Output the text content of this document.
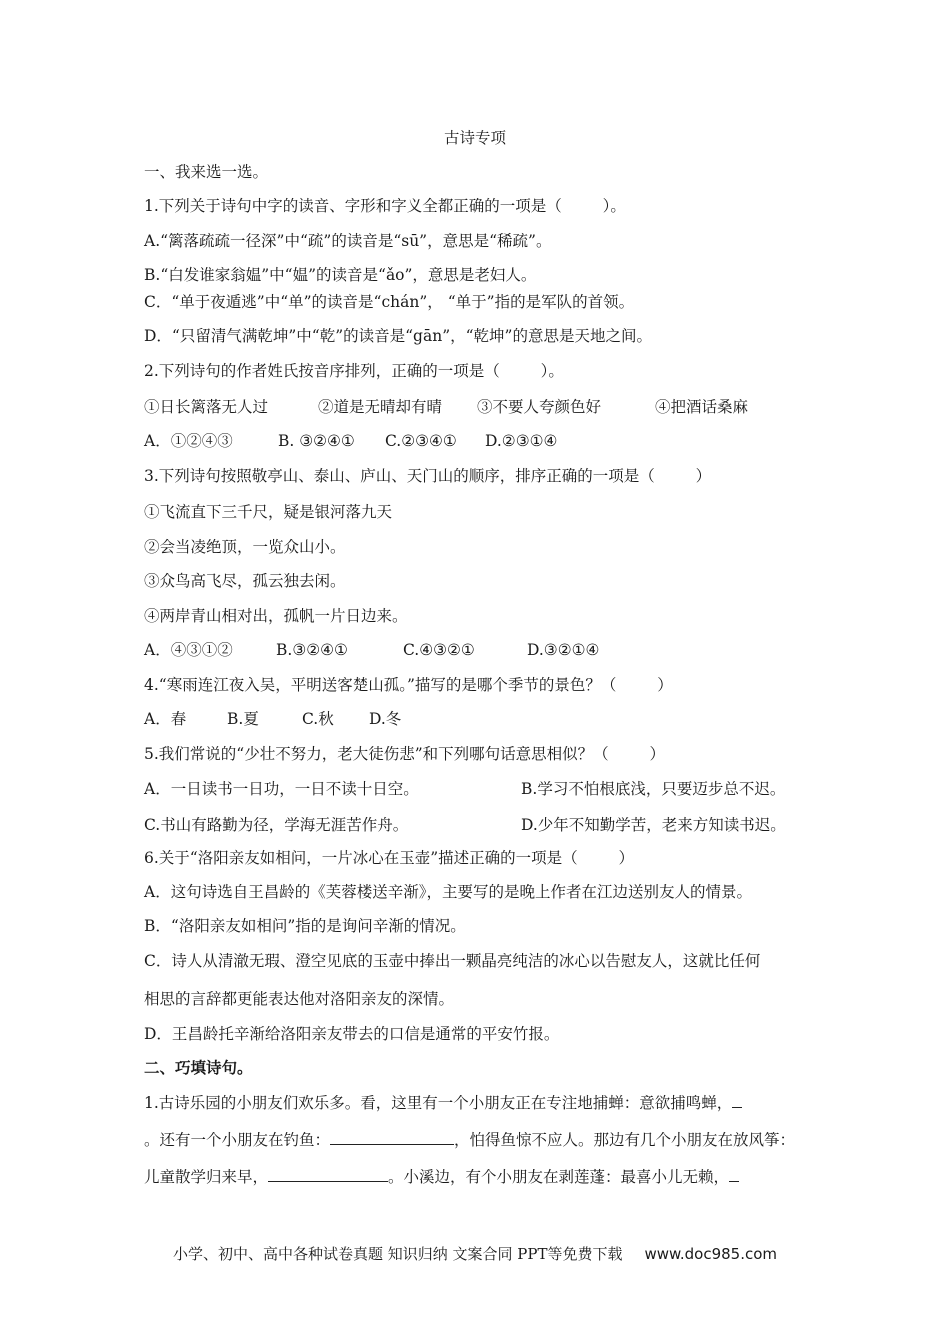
古诗专项
一、我来选一选。
1.下列关于诗句中字的读音、字形和字义全都正确的一项是（ 　　 ）。
A.“篱落疏疏一径深”中“疏”的读音是“sū”，意思是“稀疏”。
B.“白发谁家翁媪”中“媪”的读音是“ǎo”，意思是老妇人。
C．“单于夜遁逃”中“单”的读音是“chán”， “单于”指的是军队的首领。
D．“只留清气满乾坤”中“乾”的读音是“gān”，“乾坤”的意思是天地之间。
2.下列诗句的作者姓氏按音序排列，正确的一项是（ 　　 ）。
①日长篱落无人过	②道是无晴却有晴 ③不要人夸颜色好	④把酒话桑麻
A．①②④③	B. ③②④① C.②③④① D.②③①④
3.下列诗句按照敬亭山、泰山、庐山、天门山的顺序，排序正确的一项是（ 　　 ）
①飞流直下三千尺，疑是银河落九天
②会当凌绝顶，一览众山小。
③众鸟高飞尽，孤云独去闲。
④两岸青山相对出，孤帆一片日边来。
A．④③①②	B.③②④①	C.④③②①	D.③②①④
4.“寒雨连江夜入吴，平明送客楚山孤。”描写的是哪个季节的景色？（ 　　 ）
A．春	B.夏	C.秋 D.冬
5.我们常说的“少壮不努力，老大徒伤悲”和下列哪句话意思相似？（ 　　 ）
A．一日读书一日功，一日不读十日空。	B.学习不怕根底浅，只要迈步总不迟。
C.书山有路勤为径，学海无涯苦作舟。	D.少年不知勤学苦，老来方知读书迟。
6.关于“洛阳亲友如相问，一片冰心在玉壶”描述正确的一项是（ 　　 ）
A．这句诗选自王昌龄的《芙蓉楼送辛渐》，主要写的是晚上作者在江边送别友人的情景。
B．“洛阳亲友如相问”指的是询问辛渐的情况。
C．诗人从清澈无瑕、澄空见底的玉壶中捧出一颗晶亮纯洁的冰心以告慰友人，这就比任何
相思的言辞都更能表达他对洛阳亲友的深情。
D．王昌龄托辛渐给洛阳亲友带去的口信是通常的平安竹报。
二、巧填诗句。
1.古诗乐园的小朋友们欢乐多。看，这里有一个小朋友正在专注地捕蝉：意欲捕鸣蝉，
。还有一个小朋友在钓鱼：	，怕得鱼惊不应人。那边有几个小朋友在放风筝：
儿童散学归来早，	。小溪边，有个小朋友在剥莲蓬：最喜小儿无赖，
小学、初中、高中各种试卷真题 知识归纳 文案合同 PPT等免费下载 www.doc985.com
